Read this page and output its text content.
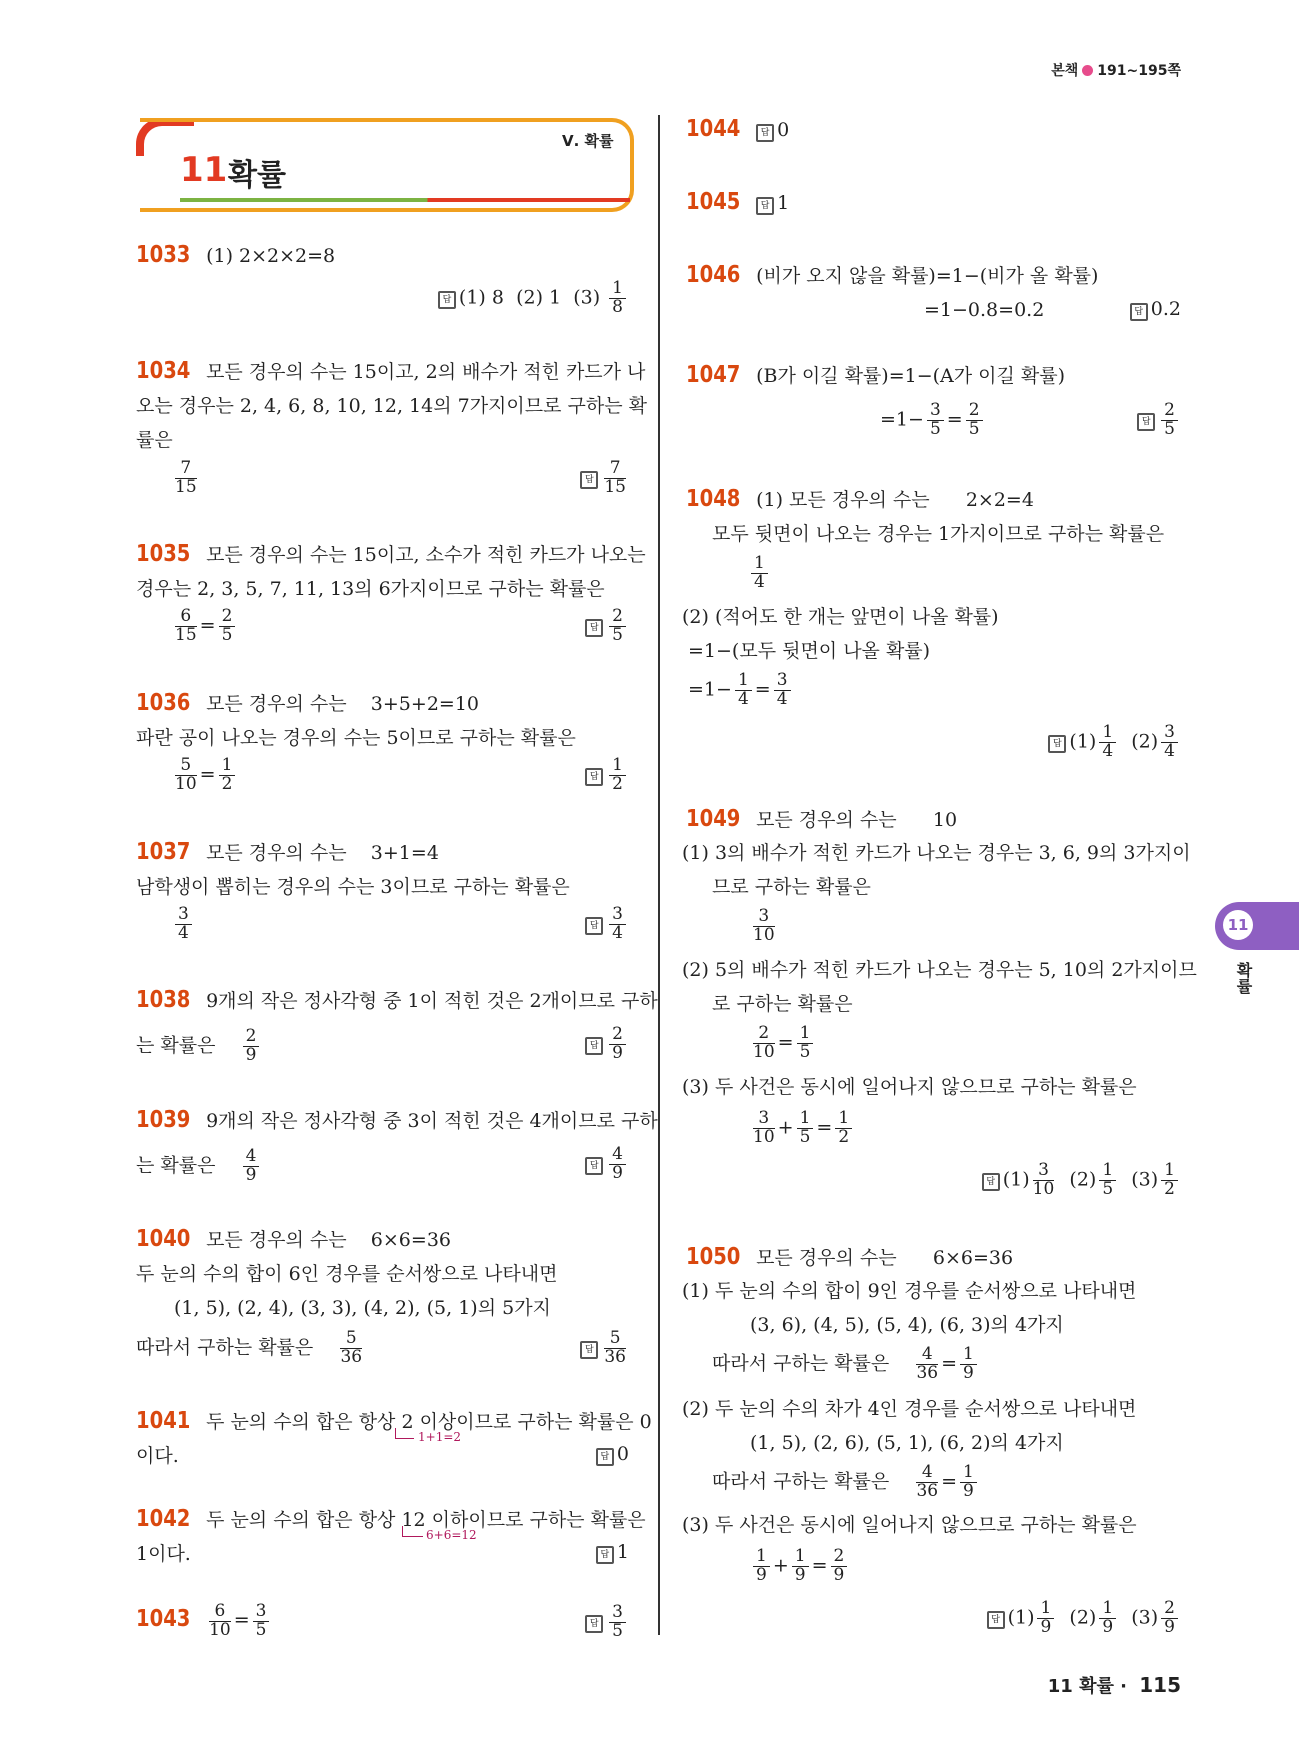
본책 191~195쪽
11 확률
Ⅴ. 확률
1033 (1) 2×2×2=8
답 (1) 8 (2) 1 $(3) \frac{1}{8}$
1034 모든 경우의 수는 15이고, 2의 배수가 적힌 카드가 나
오는 경우는 2, 4, 6, 8, 10, 12, 14의 7가지이므로 구하는 확
률은
$\frac{7}{15}$	답 $\frac{7}{15}$
1035 모든 경우의 수는 15이고, 소수가 적힌 카드가 나오는
경우는 2, 3, 5, 7, 11, 13의 6가지이므로 구하는 확률은
$\frac{6}{15} = \frac{2}{5}$	답 $\frac{2}{5}$
1036 모든 경우의 수는 3+5+2=10
파란 공이 나오는 경우의 수는 5이므로 구하는 확률은
$\frac{5}{10} = \frac{1}{2}$	답 $\frac{1}{2}$
1037 모든 경우의 수는 3+1=4
남학생이 뽑히는 경우의 수는 3이므로 구하는 확률은
$\frac{3}{4}$	답 $\frac{3}{4}$
1038 9개의 작은 정사각형 중 1이 적힌 것은 2개이므로 구하
는 확률은 $\frac{2}{9}$	답 $\frac{2}{9}$
1039 9개의 작은 정사각형 중 3이 적힌 것은 4개이므로 구하
는 확률은 $\frac{4}{9}$	답 $\frac{4}{9}$
1040 모든 경우의 수는 6×6=36
두 눈의 수의 합이 6인 경우를 순서쌍으로 나타내면
(1, 5), (2, 4), (3, 3), (4, 2), (5, 1)의 5가지
따라서 구하는 확률은 $\frac{5}{36}$	답 $\frac{5}{36}$
1041 두 눈의 수의 합은 항상 2 이상이므로 구하는 확률은 0
이다.
1+1=2
답 0
1042 두 눈의 수의 합은 항상 12 이하이므로 구하는 확률은
1이다.
6+6=12
답 1
$1043 \frac{6}{10} = \frac{3}{5}$	답 $\frac{3}{5}$
1044 답 0
1045 답 1
1046 (비가 오지 않을 확률)=1−(비가 올 확률)
=1−0.8=0.2	답 0.2
1047 (B가 이길 확률)=1−(A가 이길 확률)
$=1- \frac{3}{5} = \frac{2}{5}$	답 $\frac{2}{5}$
1048 (1) 모든 경우의 수는 2×2=4
모두 뒷면이 나오는 경우는 1가지이므로 구하는 확률은
$\frac{1}{4}$
(2) (적어도 한 개는 앞면이 나올 확률)
=1−(모두 뒷면이 나올 확률)
$=1- \frac{1}{4} = \frac{3}{4}$
답 $(1) \frac{1}{4} (2) \frac{3}{4}$
1049 모든 경우의 수는 10
(1) 3의 배수가 적힌 카드가 나오는 경우는 3, 6, 9의 3가지이
므로 구하는 확률은
$\frac{3}{10}$
(2) 5의 배수가 적힌 카드가 나오는 경우는 5, 10의 2가지이므
로 구하는 확률은
$\frac{2}{10} = \frac{1}{5}$
(3) 두 사건은 동시에 일어나지 않으므로 구하는 확률은
$\frac{3}{10} + \frac{1}{5} = \frac{1}{2}$
답 $(1) \frac{3}{10} (2) \frac{1}{5} (3) \frac{1}{2}$
1050 모든 경우의 수는 6×6=36
(1) 두 눈의 수의 합이 9인 경우를 순서쌍으로 나타내면
(3, 6), (4, 5), (5, 4), (6, 3)의 4가지
따라서 구하는 확률은 $\frac{4}{36} = \frac{1}{9}$
(2) 두 눈의 수의 차가 4인 경우를 순서쌍으로 나타내면
(1, 5), (2, 6), (5, 1), (6, 2)의 4가지
따라서 구하는 확률은 $\frac{4}{36} = \frac{1}{9}$
(3) 두 사건은 동시에 일어나지 않으므로 구하는 확률은
$\frac{1}{9} + \frac{1}{9} = \frac{2}{9}$
답 $(1) \frac{1}{9} (2) \frac{1}{9} (3) \frac{2}{9}$
11
확률
11 확률 · 115
